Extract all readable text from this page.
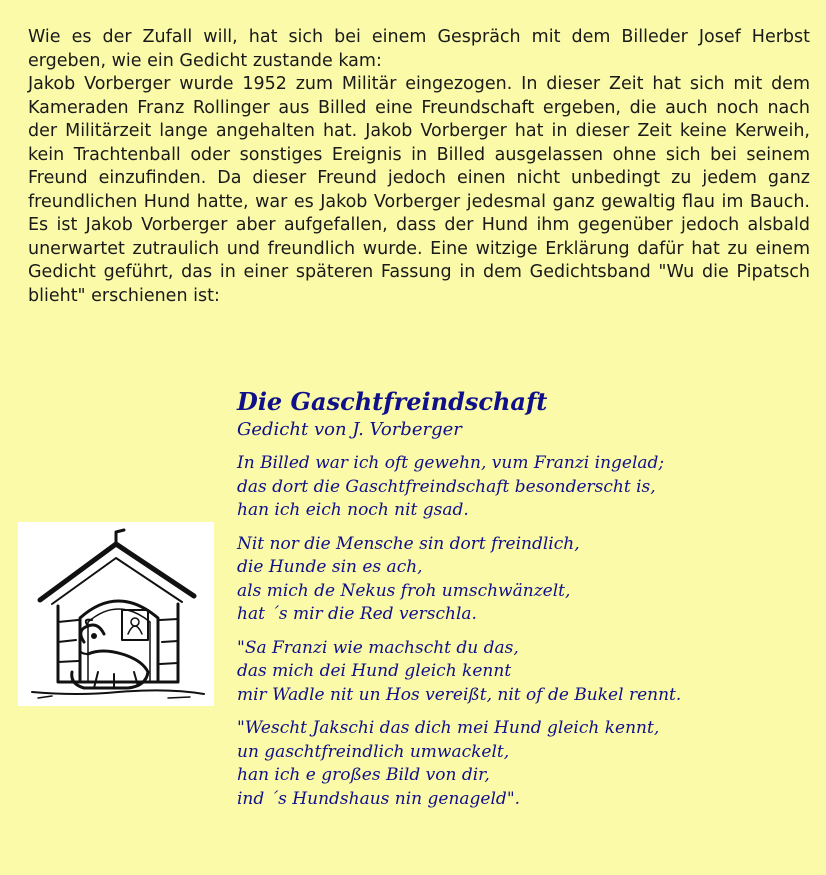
Wie es der Zufall will, hat sich bei einem Gespräch mit dem Billeder Josef Herbst ergeben, wie ein Gedicht zustande kam:

Jakob Vorberger wurde 1952 zum Militär eingezogen. In dieser Zeit hat sich mit dem Kameraden Franz Rollinger aus Billed eine Freundschaft ergeben, die auch noch nach der Militärzeit lange angehalten hat. Jakob Vorberger hat in dieser Zeit keine Kerweih, kein Trachtenball oder sonstiges Ereignis in Billed ausgelassen ohne sich bei seinem Freund einzufinden. Da dieser Freund jedoch einen nicht unbedingt zu jedem ganz freundlichen Hund hatte, war es Jakob Vorberger jedesmal ganz gewaltig flau im Bauch. Es ist Jakob Vorberger aber aufgefallen, dass der Hund ihm gegenüber jedoch alsbald unerwartet zutraulich und freundlich wurde. Eine witzige Erklärung dafür hat zu einem Gedicht geführt, das in einer späteren Fassung in dem Gedichtsband "Wu die Pipatsch blieht" erschienen ist:

Die Gaschtfreindschaft
Gedicht von J. Vorberger
In Billed war ich oft gewehn, vum Franzi ingelad;
das dort die Gaschtfreindschaft besonderscht is,
han ich eich noch nit gsad.
Nit nor die Mensche sin dort freindlich,
die Hunde sin es ach,
als mich de Nekus froh umschwänzelt,
hat ´s mir die Red verschla.
"Sa Franzi wie machscht du das,
das mich dei Hund gleich kennt
mir Wadle nit un Hos vereißt, nit of de Bukel rennt.
"Wescht Jakschi das dich mei Hund gleich kennt,
un gaschtfreindlich umwackelt,
han ich e großes Bild von dir,
ind ´s Hundshaus nin genageld".
